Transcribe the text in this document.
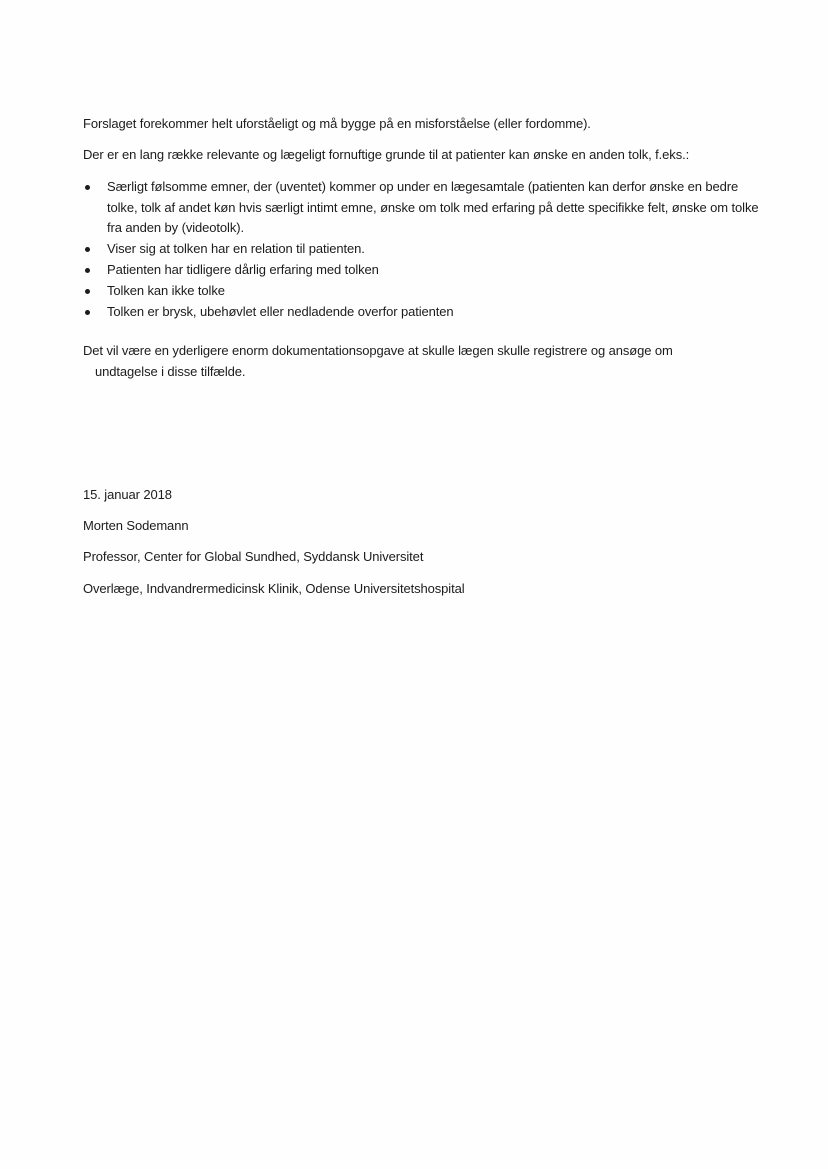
Forslaget forekommer helt uforståeligt og må bygge på en misforståelse (eller fordomme).

Der er en lang række relevante og lægeligt fornuftige grunde til at patienter kan ønske en anden tolk, f.eks.:

Særligt følsomme emner, der (uventet) kommer op under en lægesamtale (patienten kan derfor ønske en bedre tolke, tolk af andet køn hvis særligt intimt emne, ønske om tolk med erfaring på dette specifikke felt, ønske om tolke fra anden by (videotolk).
Viser sig at tolken har en relation til patienten.
Patienten har tidligere dårlig erfaring med tolken
Tolken kan ikke tolke
Tolken er brysk, ubehøvlet eller nedladende overfor patienten

Det vil være en yderligere enorm dokumentationsopgave at skulle lægen skulle registrere og ansøge om
undtagelse i disse tilfælde.

15. januar 2018

Morten Sodemann

Professor, Center for Global Sundhed, Syddansk Universitet

Overlæge, Indvandrermedicinsk Klinik, Odense Universitetshospital
